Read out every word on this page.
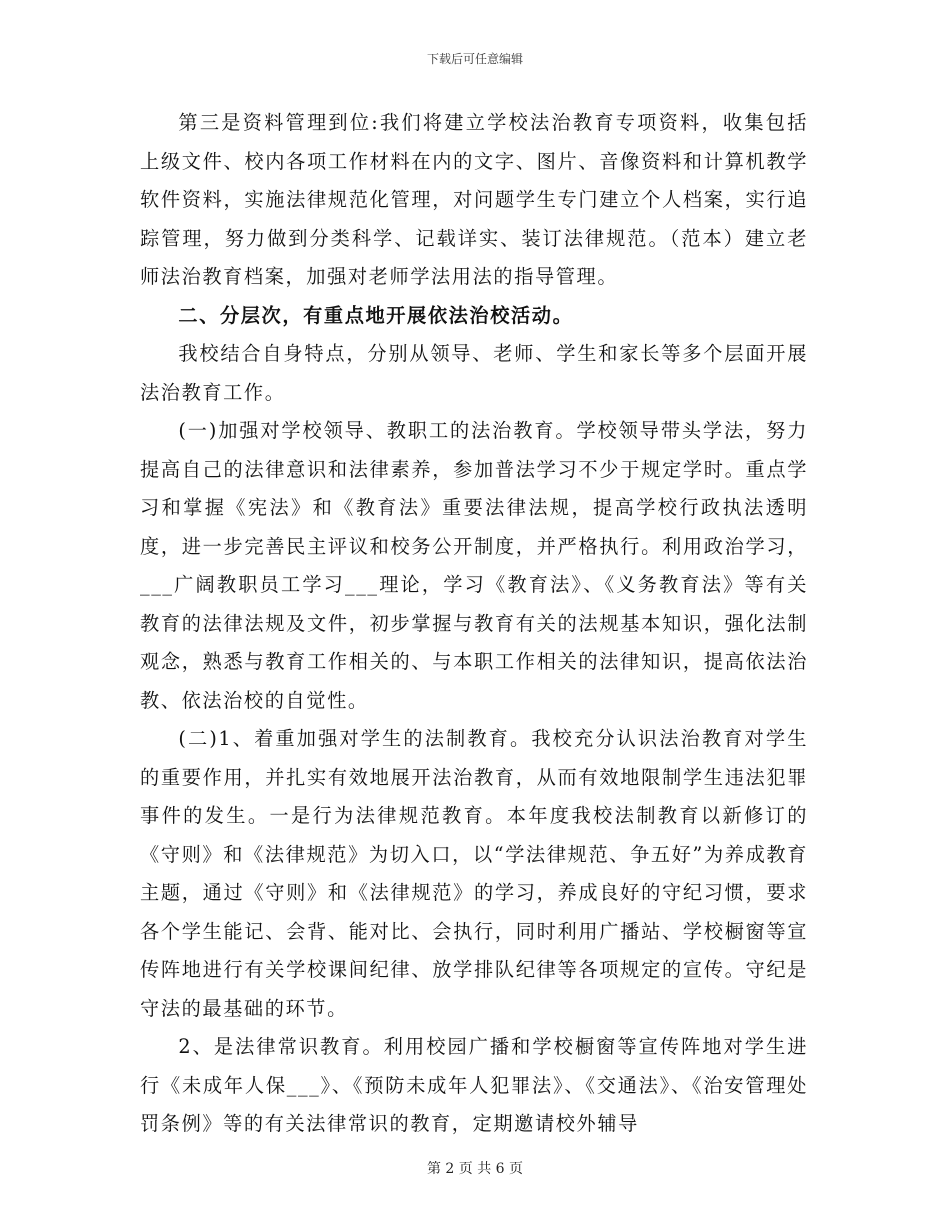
下载后可任意编辑

第三是资料管理到位:我们将建立学校法治教育专项资料，收集包括上级文件、校内各项工作材料在内的文字、图片、音像资料和计算机教学软件资料，实施法律规范化管理，对问题学生专门建立个人档案，实行追踪管理，努力做到分类科学、记载详实、装订法律规范。（范本）建立老师法治教育档案，加强对老师学法用法的指导管理。

二、分层次，有重点地开展依法治校活动。

我校结合自身特点，分别从领导、老师、学生和家长等多个层面开展法治教育工作。

(一)加强对学校领导、教职工的法治教育。学校领导带头学法，努力提高自己的法律意识和法律素养，参加普法学习不少于规定学时。重点学习和掌握《宪法》和《教育法》重要法律法规，提高学校行政执法透明度，进一步完善民主评议和校务公开制度，并严格执行。利用政治学习，___广阔教职员工学习___理论，学习《教育法》、《义务教育法》等有关教育的法律法规及文件，初步掌握与教育有关的法规基本知识，强化法制观念，熟悉与教育工作相关的、与本职工作相关的法律知识，提高依法治教、依法治校的自觉性。

(二)1、着重加强对学生的法制教育。我校充分认识法治教育对学生的重要作用，并扎实有效地展开法治教育，从而有效地限制学生违法犯罪事件的发生。一是行为法律规范教育。本年度我校法制教育以新修订的《守则》和《法律规范》为切入口，以“学法律规范、争五好”为养成教育主题，通过《守则》和《法律规范》的学习，养成良好的守纪习惯，要求各个学生能记、会背、能对比、会执行，同时利用广播站、学校橱窗等宣传阵地进行有关学校课间纪律、放学排队纪律等各项规定的宣传。守纪是守法的最基础的环节。

2、是法律常识教育。利用校园广播和学校橱窗等宣传阵地对学生进行《未成年人保___》、《预防未成年人犯罪法》、《交通法》、《治安管理处罚条例》等的有关法律常识的教育，定期邀请校外辅导

第 2 页 共 6 页
